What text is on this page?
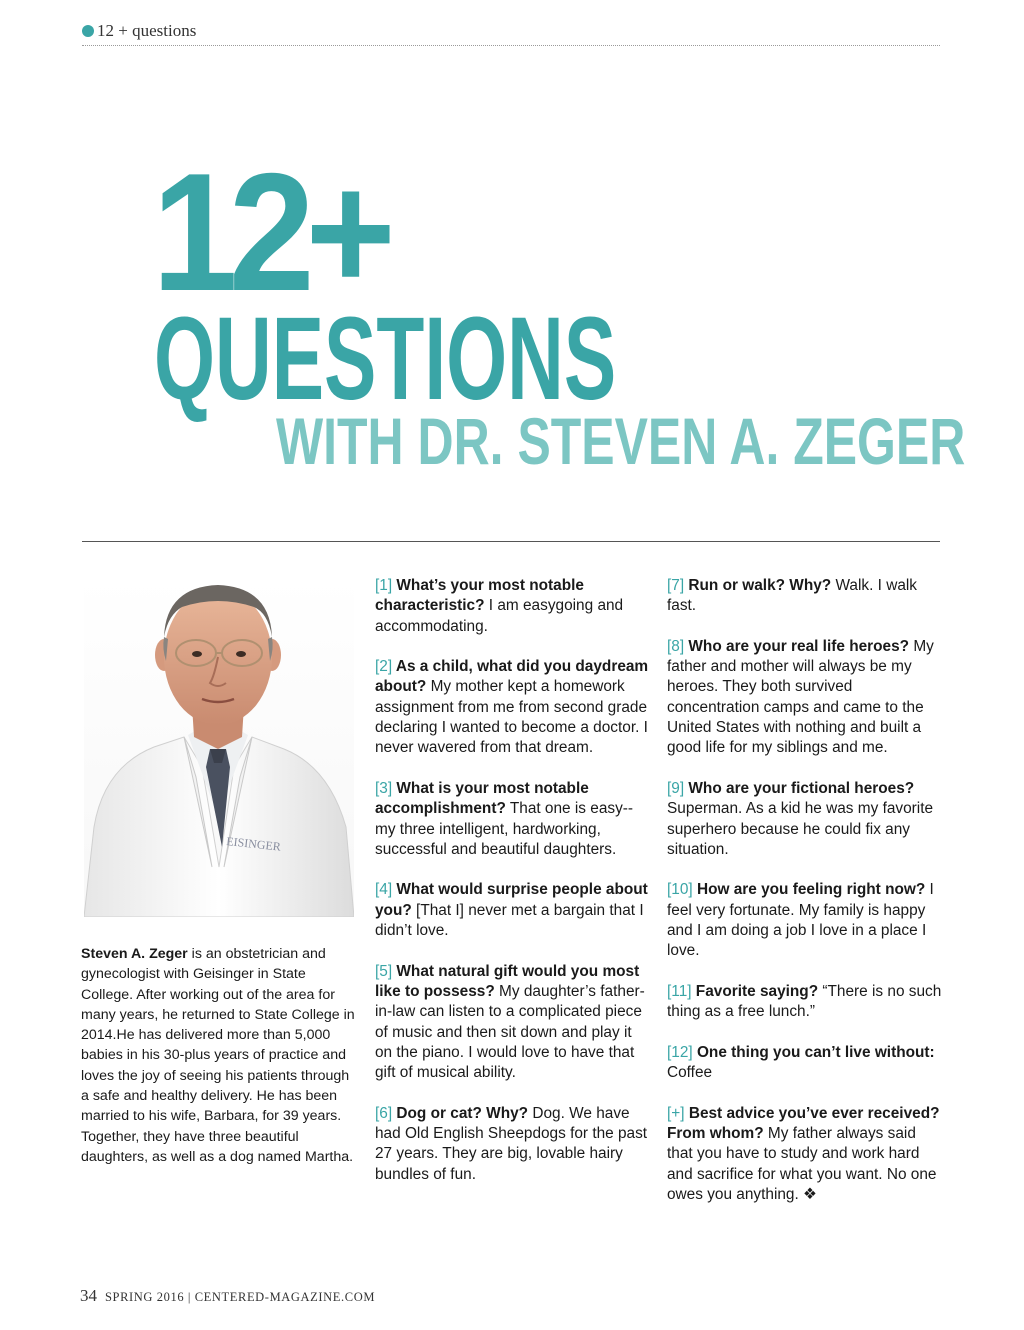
12 + questions
12+
QUESTIONS
WITH DR. STEVEN A. ZEGER
EISINGER
Steven A. Zeger is an obstetrician and gynecologist with Geisinger in State College. After working out of the area for many years, he returned to State College in 2014.He has delivered more than 5,000 babies in his 30-plus years of practice and loves the joy of seeing his patients through a safe and healthy delivery. He has been married to his wife, Barbara, for 39 years. Together, they have three beautiful daughters, as well as a dog named Martha.

[1] What’s your most notable characteristic? I am easygoing and accommodating.

[2] As a child, what did you daydream about? My mother kept a homework assignment from me from second grade declaring I wanted to become a doctor. I never wavered from that dream.

[3] What is your most notable accomplishment? That one is easy--my three intelligent, hardworking, successful and beautiful daughters.

[4] What would surprise people about you? [That I] never met a bargain that I didn’t love.

[5] What natural gift would you most like to possess? My daughter’s father-in-law can listen to a complicated piece of music and then sit down and play it on the piano. I would love to have that gift of musical ability.

[6] Dog or cat? Why? Dog. We have had Old English Sheepdogs for the past 27 years. They are big, lovable hairy bundles of fun.

[7] Run or walk? Why? Walk. I walk fast.

[8] Who are your real life heroes? My father and mother will always be my heroes. They both survived concentration camps and came to the United States with nothing and built a good life for my siblings and me.

[9] Who are your fictional heroes? Superman. As a kid he was my favorite superhero because he could fix any situation.

[10] How are you feeling right now? I feel very fortunate. My family is happy and I am doing a job I love in a place I love.

[11] Favorite saying? “There is no such thing as a free lunch.”

[12] One thing you can’t live without: Coffee

[+] Best advice you’ve ever received? From whom? My father always said that you have to study and work hard and sacrifice for what you want. No one owes you anything. ❖

34 SPRING 2016 | CENTERED-MAGAZINE.COM
